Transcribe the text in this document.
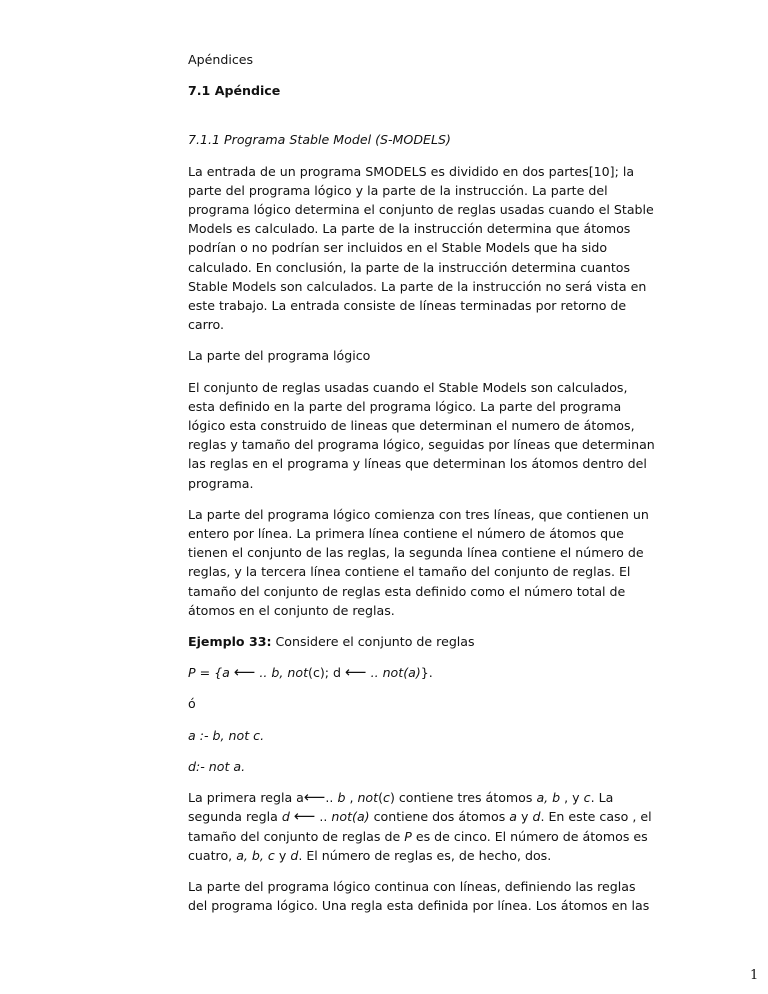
Apéndices

7.1 Apéndice

7.1.1 Programa Stable Model (S-MODELS)

La entrada de un programa SMODELS es dividido en dos partes[10]; la parte del programa lógico y la parte de la instrucción. La parte del programa lógico determina el conjunto de reglas usadas cuando el Stable Models es calculado. La parte de la instrucción determina que átomos podrían o no podrían ser incluidos en el Stable Models que ha sido calculado. En conclusión, la parte de la instrucción determina cuantos Stable Models son calculados. La parte de la instrucción no será vista en este trabajo. La entrada consiste de líneas terminadas por retorno de carro.

La parte del programa lógico

El conjunto de reglas usadas cuando el Stable Models son calculados, esta definido en la parte del programa lógico. La parte del programa lógico esta construido de lineas que determinan el numero de átomos, reglas y tamaño del programa lógico, seguidas por líneas que determinan las reglas en el programa y líneas que determinan los átomos dentro del programa.

La parte del programa lógico comienza con tres líneas, que contienen un entero por línea. La primera línea contiene el número de átomos que tienen el conjunto de las reglas, la segunda línea contiene el número de reglas, y la tercera línea contiene el tamaño del conjunto de reglas. El tamaño del conjunto de reglas esta definido como el número total de átomos en el conjunto de reglas.

Ejemplo 33: Considere el conjunto de reglas

P = {a ⟵ .. b, not(c); d ⟵ .. not(a)}.

ó

a :- b, not c.

d:- not a.

La primera regla a⟵.. b , not(c) contiene tres átomos a, b , y c. La segunda regla d ⟵ .. not(a) contiene dos átomos a y d. En este caso , el tamaño del conjunto de reglas de P es de cinco. El número de átomos es cuatro, a, b, c y d. El número de reglas es, de hecho, dos.

La parte del programa lógico continua con líneas, definiendo las reglas del programa lógico. Una regla esta definida por línea. Los átomos en las

1
